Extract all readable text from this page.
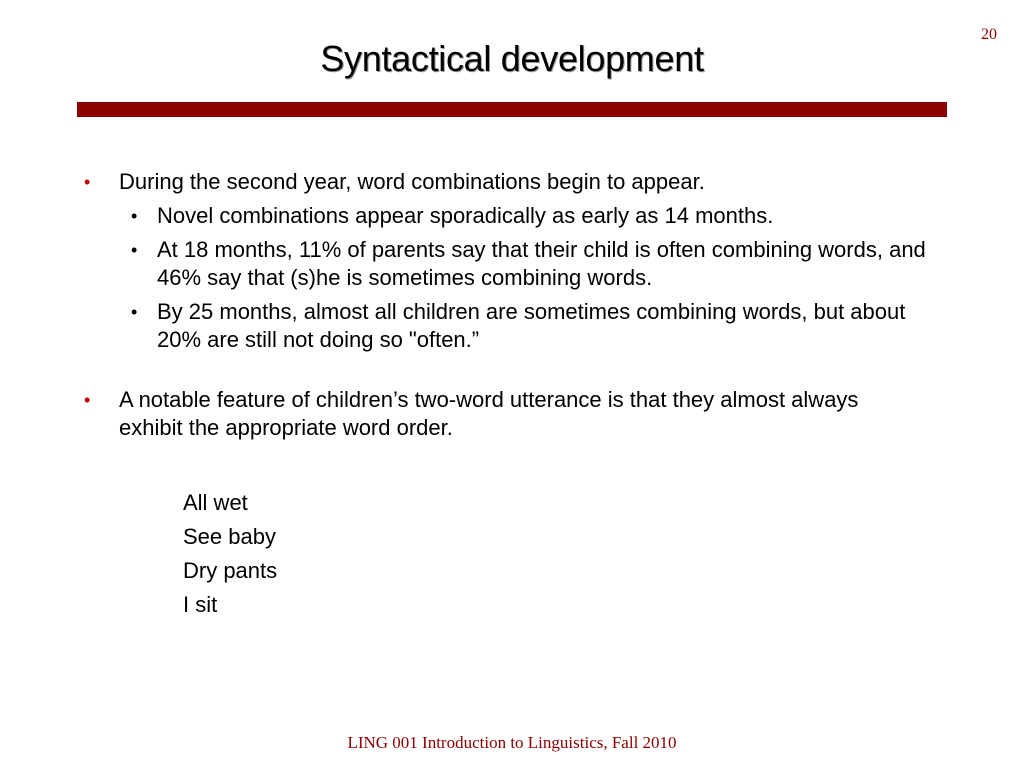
20
Syntactical development
• During the second year, word combinations begin to appear.
• Novel combinations appear sporadically as early as 14 months.
• At 18 months, 11% of parents say that their child is often combining words, and 46% say that (s)he is sometimes combining words.
• By 25 months, almost all children are sometimes combining words, but about 20% are still not doing so "often.”
• A notable feature of children’s two-word utterance is that they almost always exhibit the appropriate word order.
All wet
See baby
Dry pants
I sit
LING 001 Introduction to Linguistics, Fall 2010
